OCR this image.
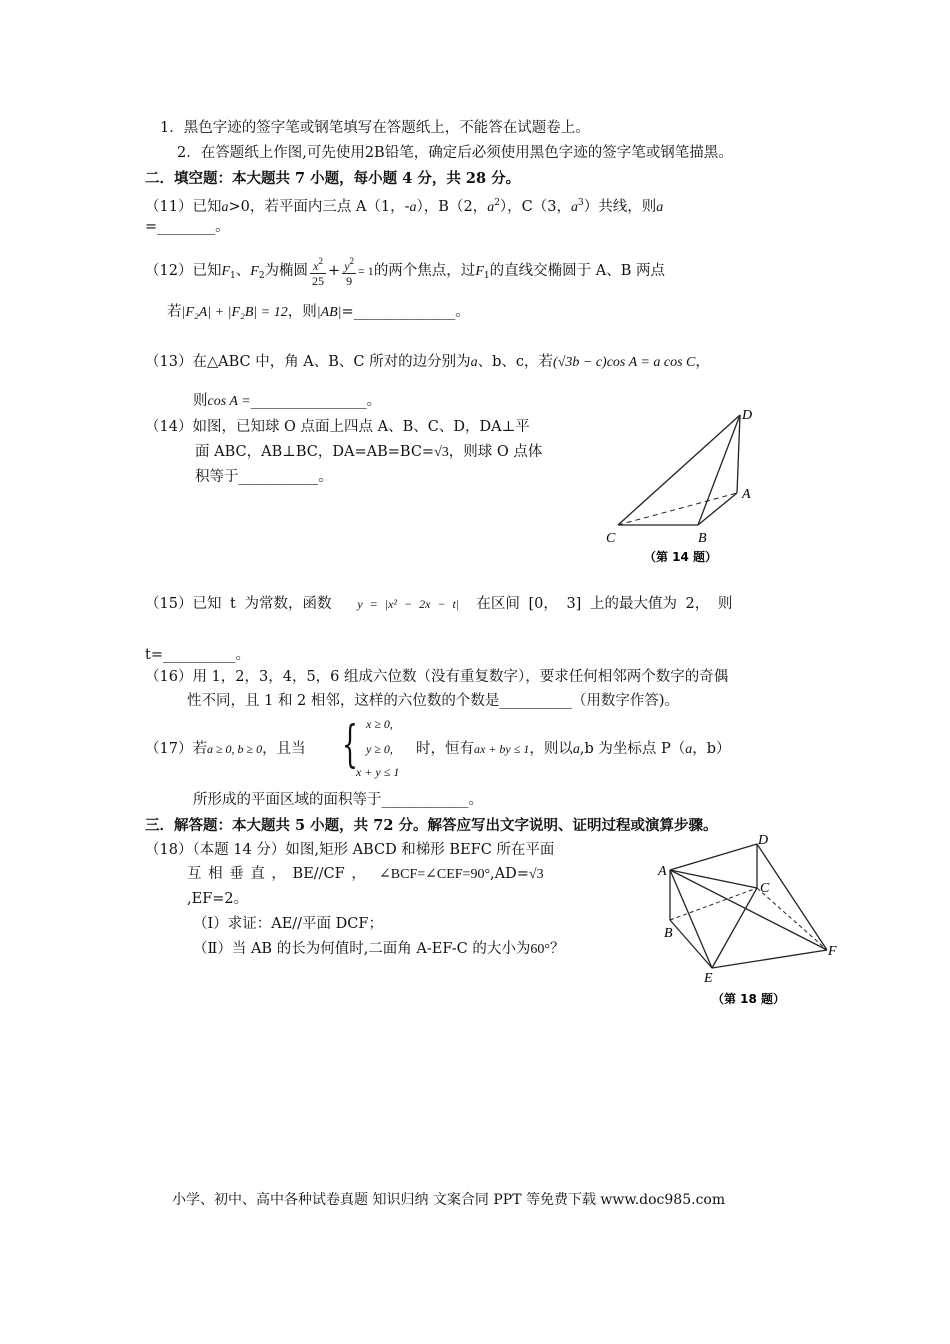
1．黑色字迹的签字笔或钢笔填写在答题纸上，不能答在试题卷上。
2．在答题纸上作图,可先使用2B铅笔，确定后必须使用黑色字迹的签字笔或钢笔描黑。
二．填空题：本大题共 7 小题，每小题 4 分，共 28 分。
（11）已知a>0，若平面内三点 A（1，-a），B（2，$a^2$），C（3，$a^3$）共线，则a
=________。
（12）已知$F_1$、$F_2$为椭圆 $\frac{x^2}{25} + \frac{y^2}{9} = 1$的两个焦点，过$F_1$的直线交椭圆于 A、B 两点
若|F₂A| + |F₂B| = 12，则|AB|=______________。
（13）在△ABC 中，角 A、B、C 所对的边分别为a、b、c，若(√3b − c)cos A = a cos C，
则cos A =________________。
（14）如图，已知球 O 点面上四点 A、B、C、D，DA⊥平
面 ABC，AB⊥BC，DA=AB=BC=√3，则球 O 点体
积等于___________。
D
A
B
C
（第 14 题）
（15）已知 t 为常数，函数 y = |x² − 2x − t| 在区间 [0， 3] 上的最大值为 2， 则
t=__________。
（16）用 1，2，3，4，5，6 组成六位数（没有重复数字），要求任何相邻两个数字的奇偶
性不同，且 1 和 2 相邻，这样的六位数的个数是__________（用数字作答)。
{ x ≥ 0,
y ≥ 0,
x + y ≤ 1
（17）若a ≥ 0, b ≥ 0，且当	时，恒有ax + by ≤ 1，则以a,b 为坐标点 P（a，b）
所形成的平面区域的面积等于____________。
三．解答题：本大题共 5 小题，共 72 分。解答应写出文字说明、证明过程或演算步骤。
（18）（本题 14 分）如图,矩形 ABCD 和梯形 BEFC 所在平面
互 相 垂 直 ， BE//CF ， ∠BCF=∠CEF=90°,AD=√3
,EF=2。
（Ⅰ）求证：AE//平面 DCF；
（Ⅱ）当 AB 的长为何值时,二面角 A-EF-C 的大小为60°？
D
A
C
B
E
F
（第 18 题）
小学、初中、高中各种试卷真题 知识归纳 文案合同 PPT 等免费下载 www.doc985.com
